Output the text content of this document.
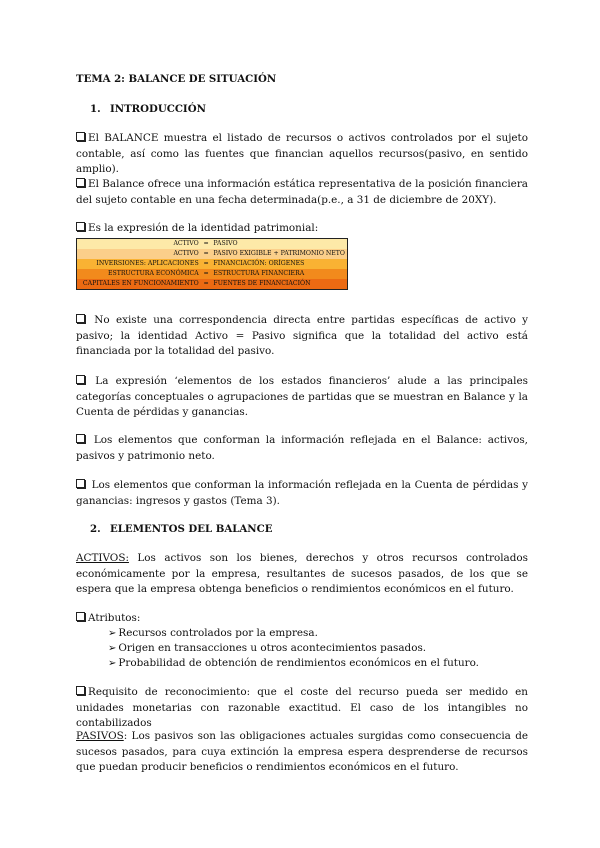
TEMA 2: BALANCE DE SITUACIÓN

1. INTRODUCCIÓN

El BALANCE muestra el listado de recursos o activos controlados por el sujeto contable, así como las fuentes que financian aquellos recursos(pasivo, en sentido amplio).

El Balance ofrece una información estática representativa de la posición financiera del sujeto contable en una fecha determinada(p.e., a 31 de diciembre de 20XY).

Es la expresión de la identidad patrimonial:

ACTIVO	=	PASIVO
ACTIVO	=	PASIVO EXIGIBLE + PATRIMONIO NETO
INVERSIONES: APLICACIONES	=	FINANCIACIÓN: ORÍGENES
ESTRUCTURA ECONÓMICA	=	ESTRUCTURA FINANCIERA
CAPITALES EN FUNCIONAMIENTO	=	FUENTES DE FINANCIACIÓN

No existe una correspondencia directa entre partidas específicas de activo y pasivo; la identidad Activo = Pasivo significa que la totalidad del activo está financiada por la totalidad del pasivo.

La expresión ‘elementos de los estados financieros’ alude a las principales categorías conceptuales o agrupaciones de partidas que se muestran en Balance y la Cuenta de pérdidas y ganancias.

Los elementos que conforman la información reflejada en el Balance: activos, pasivos y patrimonio neto.

Los elementos que conforman la información reflejada en la Cuenta de pérdidas y ganancias: ingresos y gastos (Tema 3).

2. ELEMENTOS DEL BALANCE

ACTIVOS: Los activos son los bienes, derechos y otros recursos controlados económicamente por la empresa, resultantes de sucesos pasados, de los que se espera que la empresa obtenga beneficios o rendimientos económicos en el futuro.

Atributos:

➢ Recursos controlados por la empresa.

➢ Origen en transacciones u otros acontecimientos pasados.

➢ Probabilidad de obtención de rendimientos económicos en el futuro.

Requisito de reconocimiento: que el coste del recurso pueda ser medido en unidades monetarias con razonable exactitud. El caso de los intangibles no contabilizados

PASIVOS: Los pasivos son las obligaciones actuales surgidas como consecuencia de sucesos pasados, para cuya extinción la empresa espera desprenderse de recursos que puedan producir beneficios o rendimientos económicos en el futuro.
